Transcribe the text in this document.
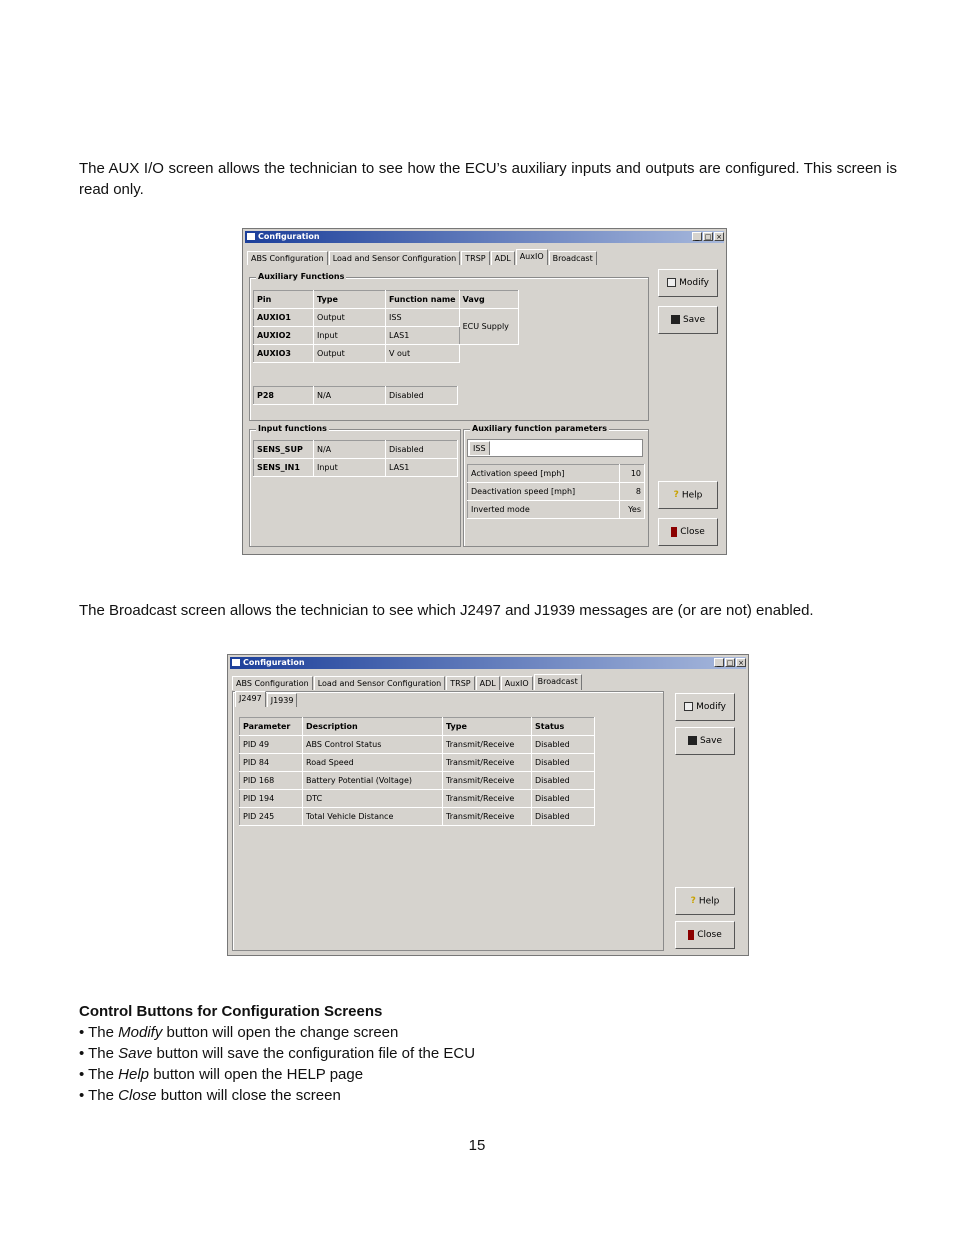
The AUX I/O screen allows the technician to see how the ECU’s auxiliary inputs and outputs are configured. This screen is read only.
Configuration	_ □ ×
ABS Configuration	Load and Sensor Configuration	TRSP	ADL	AuxIO	Broadcast
Auxiliary Functions
Pin	Type	Function name	Vavg
AUXIO1	Output	ISS	ECU Supply
AUXIO2	Input	LAS1	
AUXIO3	Output	V out	
P28	N/A	Disabled
Input functions
SENS_SUP	N/A	Disabled
SENS_IN1	Input	LAS1
Auxiliary function parameters
ISS
Activation speed [mph]	10
Deactivation speed [mph]	8
Inverted mode	Yes
Modify
Save
? Help
Close
The Broadcast screen allows the technician to see which J2497 and J1939 messages are (or are not) enabled.
Configuration	_ □ ×
ABS Configuration	Load and Sensor Configuration	TRSP	ADL	AuxIO	Broadcast
J2497	J1939
Parameter	Description	Type	Status
PID 49	ABS Control Status	Transmit/Receive	Disabled
PID 84	Road Speed	Transmit/Receive	Disabled
PID 168	Battery Potential (Voltage)	Transmit/Receive	Disabled
PID 194	DTC	Transmit/Receive	Disabled
PID 245	Total Vehicle Distance	Transmit/Receive	Disabled
Modify
Save
? Help
Close
Control Buttons for Configuration Screens
• The Modify button will open the change screen
• The Save button will save the configuration file of the ECU
• The Help button will open the HELP page
• The Close button will close the screen
15
